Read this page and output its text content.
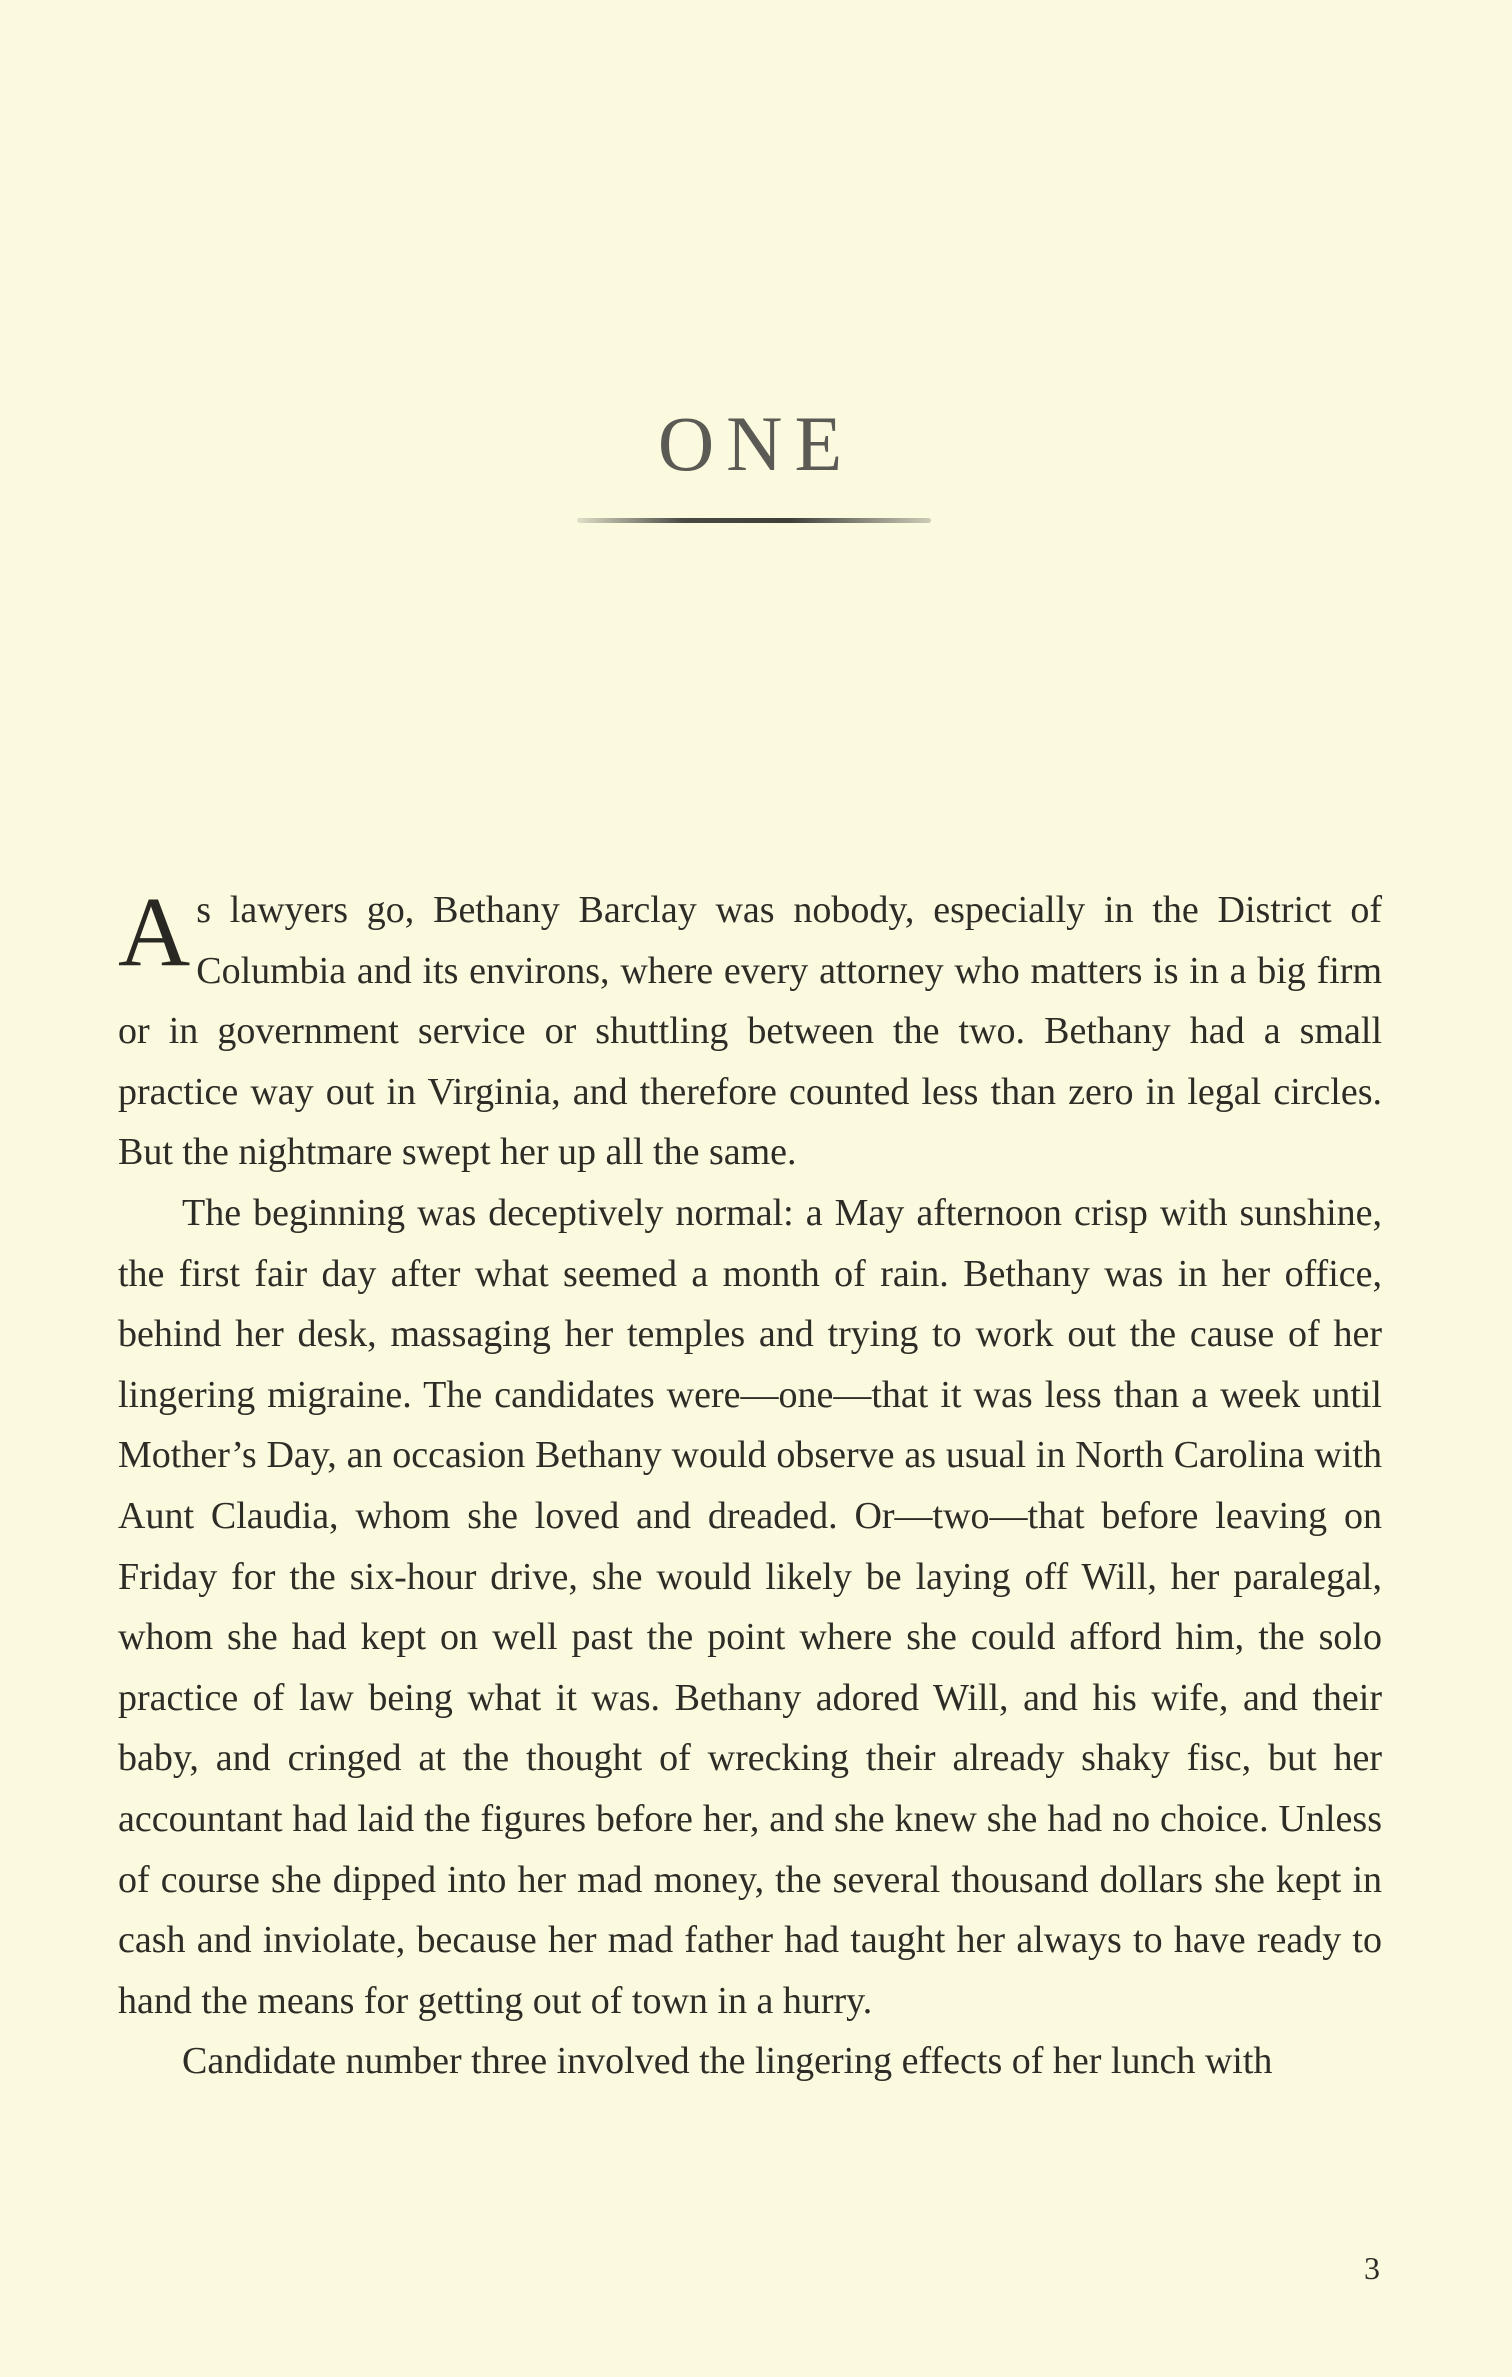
ONE

As lawyers go, Bethany Barclay was nobody, especially in the District of Columbia and its environs, where every attorney who matters is in a big firm or in government service or shuttling between the two. Bethany had a small practice way out in Virginia, and therefore counted less than zero in legal circles. But the nightmare swept her up all the same.

The beginning was deceptively normal: a May afternoon crisp with sunshine, the first fair day after what seemed a month of rain. Bethany was in her office, behind her desk, massaging her temples and trying to work out the cause of her lingering migraine. The candidates were—one—that it was less than a week until Mother’s Day, an occasion Bethany would observe as usual in North Carolina with Aunt Claudia, whom she loved and dreaded. Or—two—that before leaving on Friday for the six-hour drive, she would likely be laying off Will, her paralegal, whom she had kept on well past the point where she could afford him, the solo practice of law being what it was. Bethany adored Will, and his wife, and their baby, and cringed at the thought of wrecking their already shaky fisc, but her accountant had laid the figures before her, and she knew she had no choice. Unless of course she dipped into her mad money, the several thousand dollars she kept in cash and inviolate, because her mad father had taught her always to have ready to hand the means for getting out of town in a hurry.

Candidate number three involved the lingering effects of her lunch with

3
